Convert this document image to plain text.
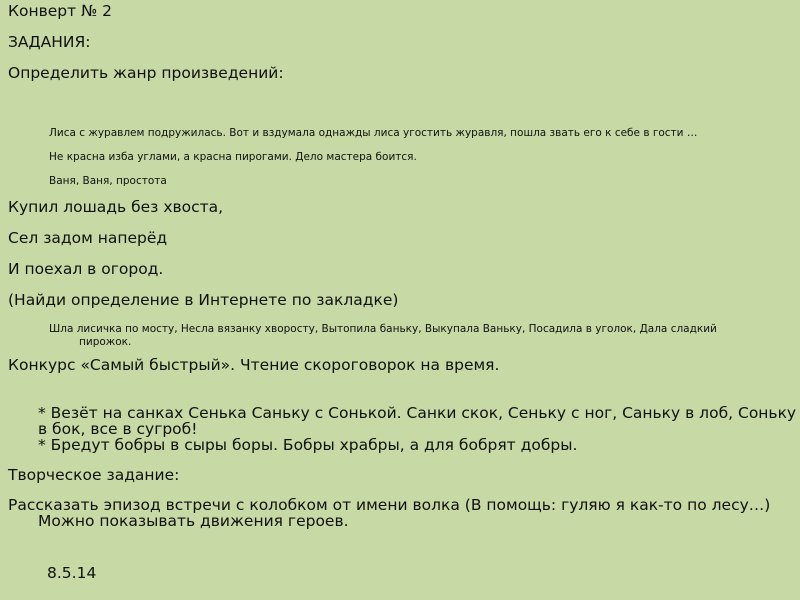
Конверт № 2
ЗАДАНИЯ:
Определить жанр произведений:
Лиса с журавлем подружилась. Вот и вздумала однажды лиса угостить журавля, пошла звать его к себе в гости …
Не красна изба углами, а красна пирогами. Дело мастера боится.
Ваня, Ваня, простота
Купил лошадь без хвоста,
Сел задом наперёд
И поехал в огород.
(Найди определение в Интернете по закладке)
Шла лисичка по мосту, Несла вязанку хворосту, Вытопила баньку, Выкупала Ваньку, Посадила в уголок, Дала сладкий
пирожок.
Конкурс «Самый быстрый». Чтение скороговорок на время.
* Везёт на санках Сенька Саньку с Сонькой. Санки скок, Сеньку с ног, Саньку в лоб, Соньку
в бок, все в сугроб!
* Бредут бобры в сыры боры. Бобры храбры, а для бобрят добры.
Творческое задание:
Рассказать эпизод встречи с колобком от имени волка (В помощь: гуляю я как-то по лесу…)
Можно показывать движения героев.
8.5.14
